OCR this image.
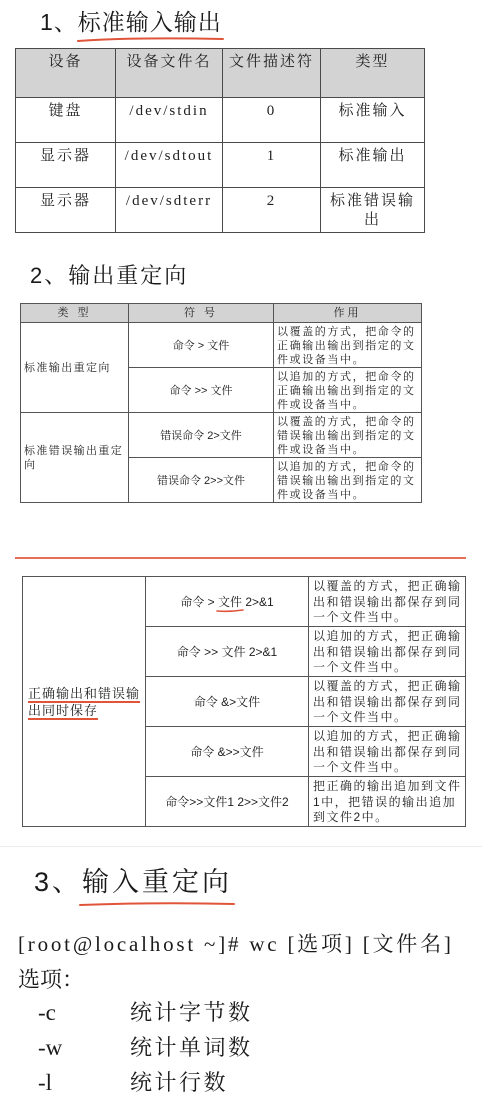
1、标准输入输出
设备	设备文件名	文件描述符	类型
键盘	/dev/stdin	0	标准输入
显示器	/dev/sdtout	1	标准输出
显示器	/dev/sdterr	2	标准错误输出
2、输出重定向
类 型	符 号	作用
标准输出重定向	命令 > 文件	以覆盖的方式，把命令的正确输出输出到指定的文件或设备当中。
	命令 >> 文件	以追加的方式，把命令的正确输出输出到指定的文件或设备当中。
标准错误输出重定向	错误命令 2>文件	以覆盖的方式，把命令的错误输出输出到指定的文件或设备当中。
	错误命令 2>>文件	以追加的方式，把命令的错误输出输出到指定的文件或设备当中。
正确输出和错误输出同时保存	命令 > 文件 2>&1	以覆盖的方式，把正确输出和错误输出都保存到同一个文件当中。
	命令 >> 文件 2>&1	以追加的方式，把正确输出和错误输出都保存到同一个文件当中。
	命令 &>文件	以覆盖的方式，把正确输出和错误输出都保存到同一个文件当中。
	命令 &>>文件	以追加的方式，把正确输出和错误输出都保存到同一个文件当中。
	命令>>文件1 2>>文件2	把正确的输出追加到文件1中，把错误的输出追加到文件2中。
3、输入重定向
[root@localhost ~]# wc [选项] [文件名]
选项：
-c	统计字节数
-w	统计单词数
-l	统计行数
